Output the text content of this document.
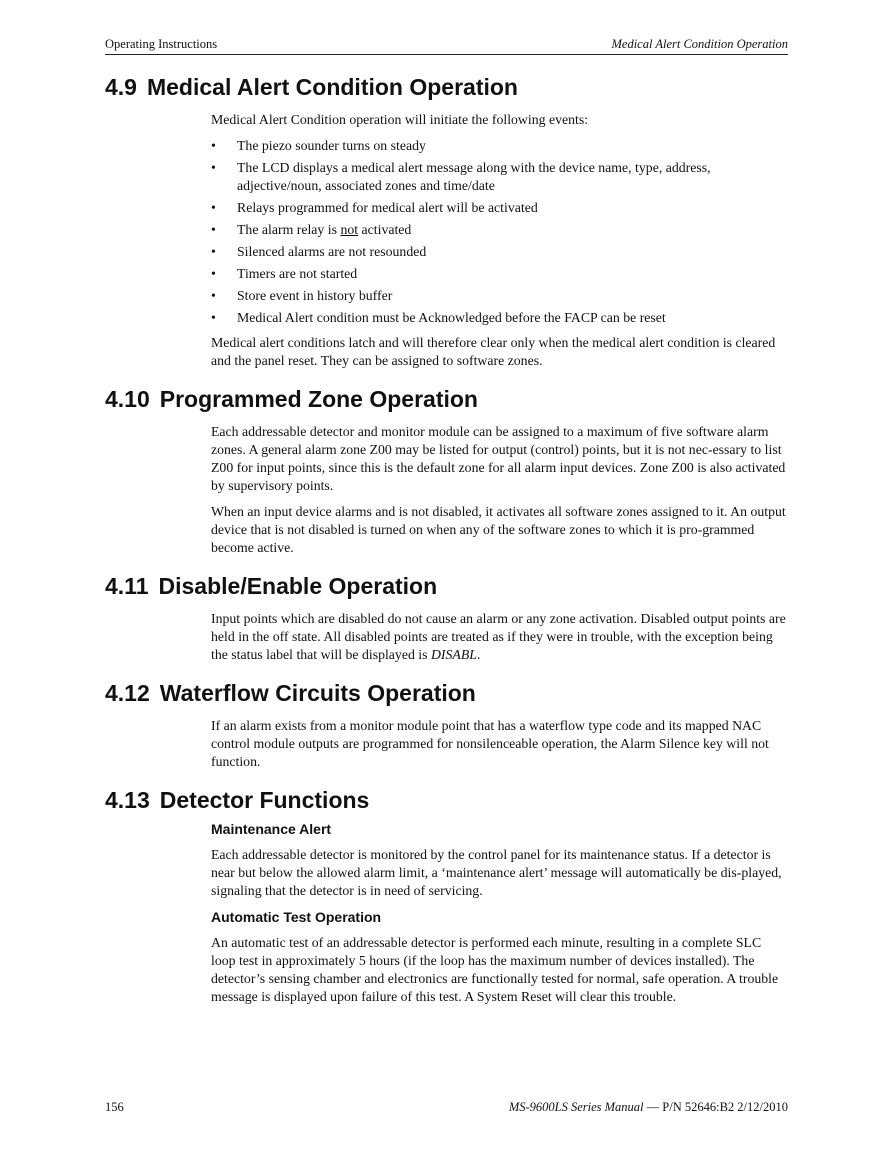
Operating Instructions	Medical Alert Condition Operation
4.9 Medical Alert Condition Operation

Medical Alert Condition operation will initiate the following events:

• The piezo sounder turns on steady
• The LCD displays a medical alert message along with the device name, type, address, adjective/noun, associated zones and time/date
• Relays programmed for medical alert will be activated
• The alarm relay is not activated
• Silenced alarms are not resounded
• Timers are not started
• Store event in history buffer
• Medical Alert condition must be Acknowledged before the FACP can be reset

Medical alert conditions latch and will therefore clear only when the medical alert condition is cleared and the panel reset. They can be assigned to software zones.

4.10 Programmed Zone Operation

Each addressable detector and monitor module can be assigned to a maximum of five software alarm zones. A general alarm zone Z00 may be listed for output (control) points, but it is not nec-essary to list Z00 for input points, since this is the default zone for all alarm input devices. Zone Z00 is also activated by supervisory points.

When an input device alarms and is not disabled, it activates all software zones assigned to it. An output device that is not disabled is turned on when any of the software zones to which it is pro-grammed become active.

4.11 Disable/Enable Operation

Input points which are disabled do not cause an alarm or any zone activation. Disabled output points are held in the off state. All disabled points are treated as if they were in trouble, with the exception being the status label that will be displayed is DISABL.

4.12 Waterflow Circuits Operation

If an alarm exists from a monitor module point that has a waterflow type code and its mapped NAC control module outputs are programmed for nonsilenceable operation, the Alarm Silence key will not function.

4.13 Detector Functions
Maintenance Alert

Each addressable detector is monitored by the control panel for its maintenance status. If a detector is near but below the allowed alarm limit, a ‘maintenance alert’ message will automatically be dis-played, signaling that the detector is in need of servicing.

Automatic Test Operation

An automatic test of an addressable detector is performed each minute, resulting in a complete SLC loop test in approximately 5 hours (if the loop has the maximum number of devices installed). The detector’s sensing chamber and electronics are functionally tested for normal, safe operation. A trouble message is displayed upon failure of this test. A System Reset will clear this trouble.

156	MS-9600LS Series Manual — P/N 52646:B2 2/12/2010
